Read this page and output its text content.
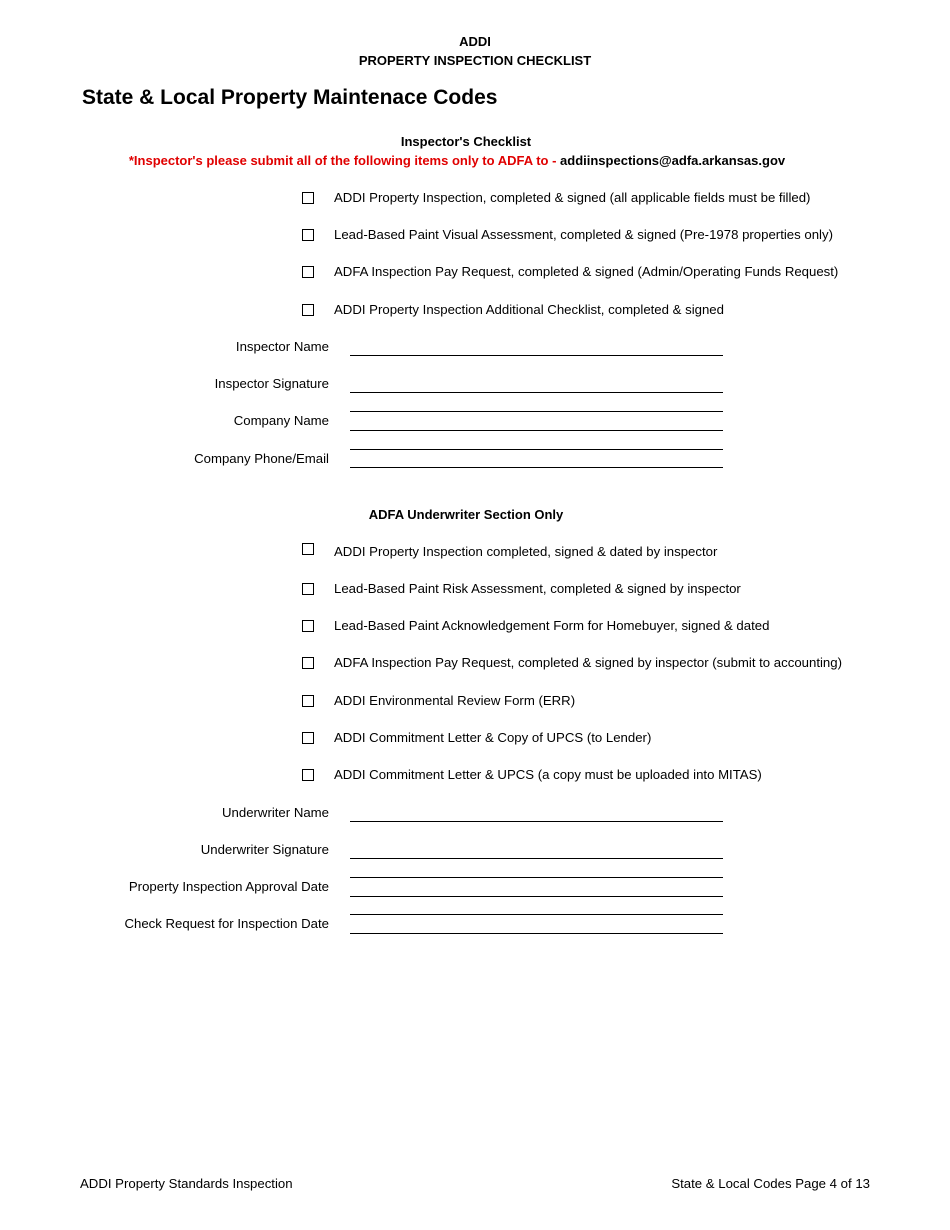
ADDI
PROPERTY INSPECTION CHECKLIST
State & Local Property Maintenace Codes
Inspector's Checklist
*Inspector's please submit all of the following items only to ADFA to - addiinspections@adfa.arkansas.gov
ADDI Property Inspection, completed & signed (all applicable fields must be filled)
Lead-Based Paint Visual Assessment, completed & signed (Pre-1978 properties only)
ADFA Inspection Pay Request, completed & signed (Admin/Operating Funds Request)
ADDI Property Inspection Additional Checklist, completed & signed
Inspector Name
Inspector Signature
Company Name
Company Phone/Email
ADFA Underwriter Section Only
ADDI Property Inspection completed, signed & dated by inspector
Lead-Based Paint Risk Assessment, completed & signed by inspector
Lead-Based Paint Acknowledgement Form for Homebuyer, signed & dated
ADFA Inspection Pay Request, completed & signed by inspector (submit to accounting)
ADDI Environmental Review Form (ERR)
ADDI Commitment Letter & Copy of UPCS (to Lender)
ADDI Commitment Letter & UPCS (a copy must be uploaded into MITAS)
Underwriter Name
Underwriter Signature
Property Inspection Approval Date
Check Request for Inspection Date
ADDI Property Standards Inspection	State & Local Codes Page 4 of 13
